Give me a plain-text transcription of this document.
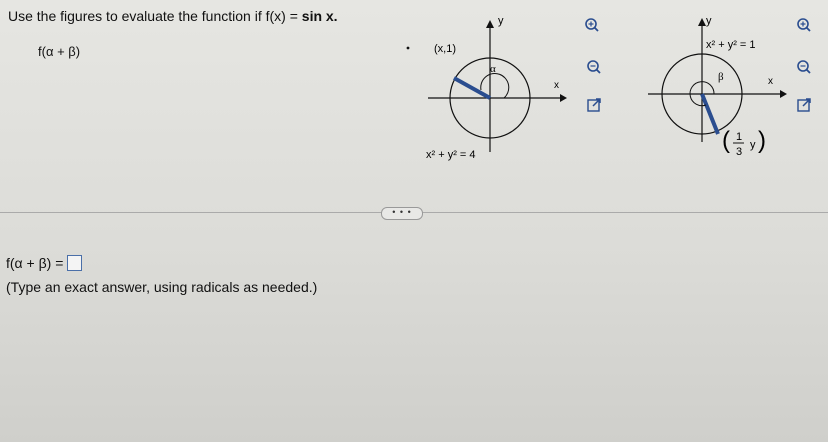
Use the figures to evaluate the function if f(x) = sin x.
f(α + β)
y
x
(x,1)
α
x² + y² = 4
y
x
x² + y² = 1
β
( 1
3
y )
• • •
f(α + β) =
(Type an exact answer, using radicals as needed.)
